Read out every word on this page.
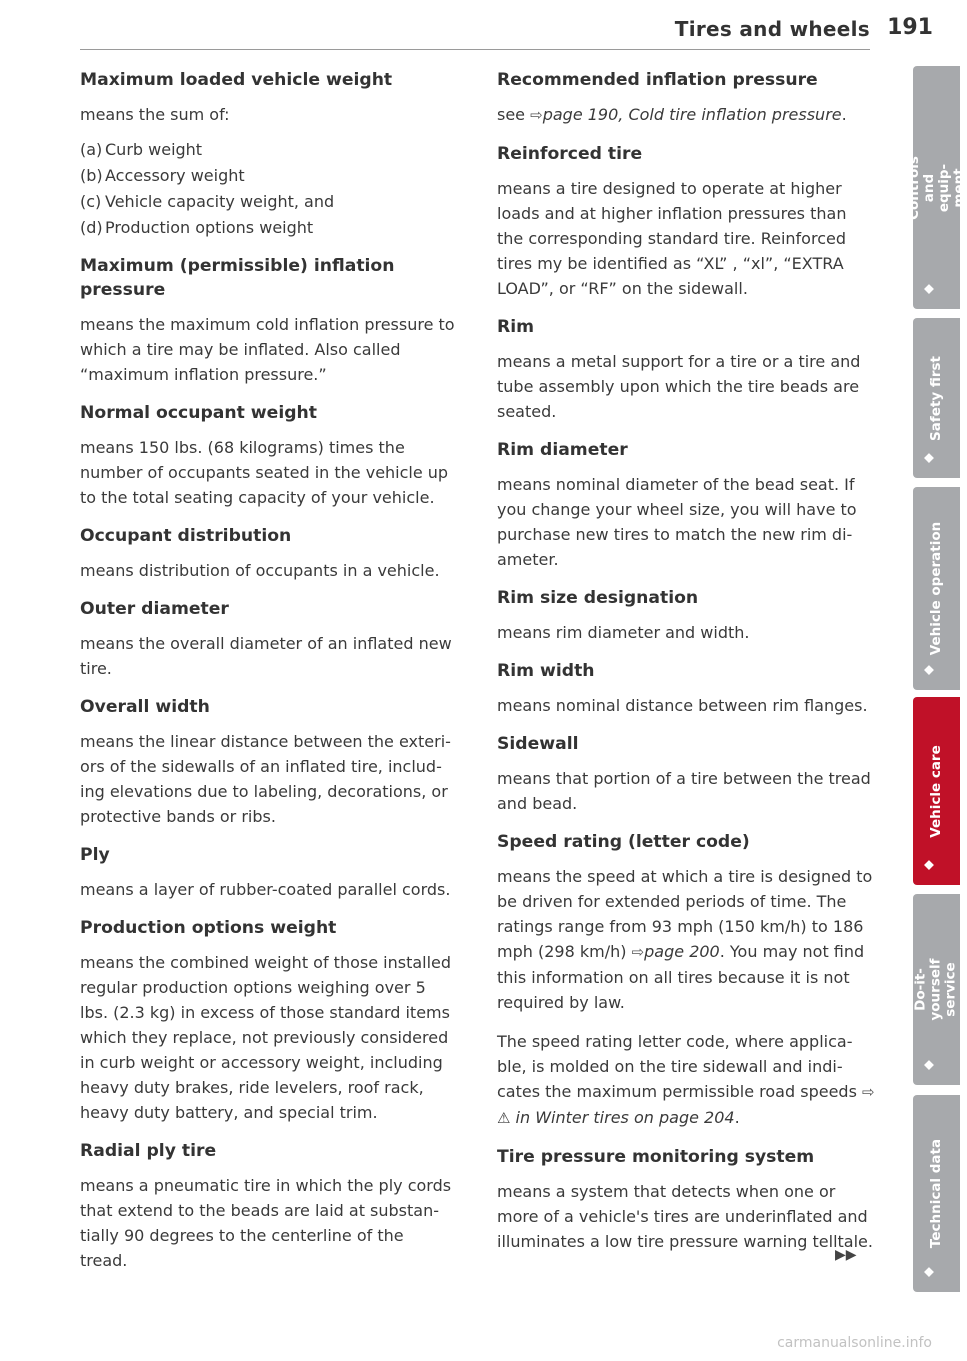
Tires and wheels 191
Maximum loaded vehicle weight

means the sum of:

(a) Curb weight
(b) Accessory weight
(c) Vehicle capacity weight, and
(d) Production options weight
Maximum (permissible) inflation pressure

means the maximum cold inflation pressure to which a tire may be inflated. Also called “maximum inflation pressure.”

Normal occupant weight

means 150 lbs. (68 kilograms) times the number of occupants seated in the vehicle up to the total seating capacity of your vehicle.

Occupant distribution

means distribution of occupants in a vehicle.

Outer diameter

means the overall diameter of an inflated new tire.

Overall width

means the linear distance between the exteriors of the sidewalls of an inflated tire, including elevations due to labeling, decorations, or protective bands or ribs.

Ply

means a layer of rubber-coated parallel cords.

Production options weight

means the combined weight of those installed regular production options weighing over 5 lbs. (2.3 kg) in excess of those standard items which they replace, not previously considered in curb weight or accessory weight, including heavy duty brakes, ride levelers, roof rack, heavy duty battery, and special trim.

Radial ply tire

means a pneumatic tire in which the ply cords that extend to the beads are laid at substantially 90 degrees to the centerline of the tread.

Recommended inflation pressure

see ⇨page 190, Cold tire inflation pressure.

Reinforced tire

means a tire designed to operate at higher loads and at higher inflation pressures than the corresponding standard tire. Reinforced tires my be identified as “XL” , “xl”, “EXTRA LOAD”, or “RF” on the sidewall.

Rim

means a metal support for a tire or a tire and tube assembly upon which the tire beads are seated.

Rim diameter

means nominal diameter of the bead seat. If you change your wheel size, you will have to purchase new tires to match the new rim diameter.

Rim size designation

means rim diameter and width.

Rim width

means nominal distance between rim flanges.

Sidewall

means that portion of a tire between the tread and bead.

Speed rating (letter code)

means the speed at which a tire is designed to be driven for extended periods of time. The ratings range from 93 mph (150 km/h) to 186 mph (298 km/h) ⇨page 200. You may not find this information on all tires because it is not required by law.

The speed rating letter code, where applicable, is molded on the tire sidewall and indicates the maximum permissible road speeds ⇨ ⚠ in Winter tires on page 204.

Tire pressure monitoring system

means a system that detects when one or more of a vehicle's tires are underinflated and illuminates a low tire pressure warning telltale.

▶▶
Controls and equip- ment
Safety first
Vehicle operation
Vehicle care
Do-it-yourself service
Technical data
carmanualsonline.info
